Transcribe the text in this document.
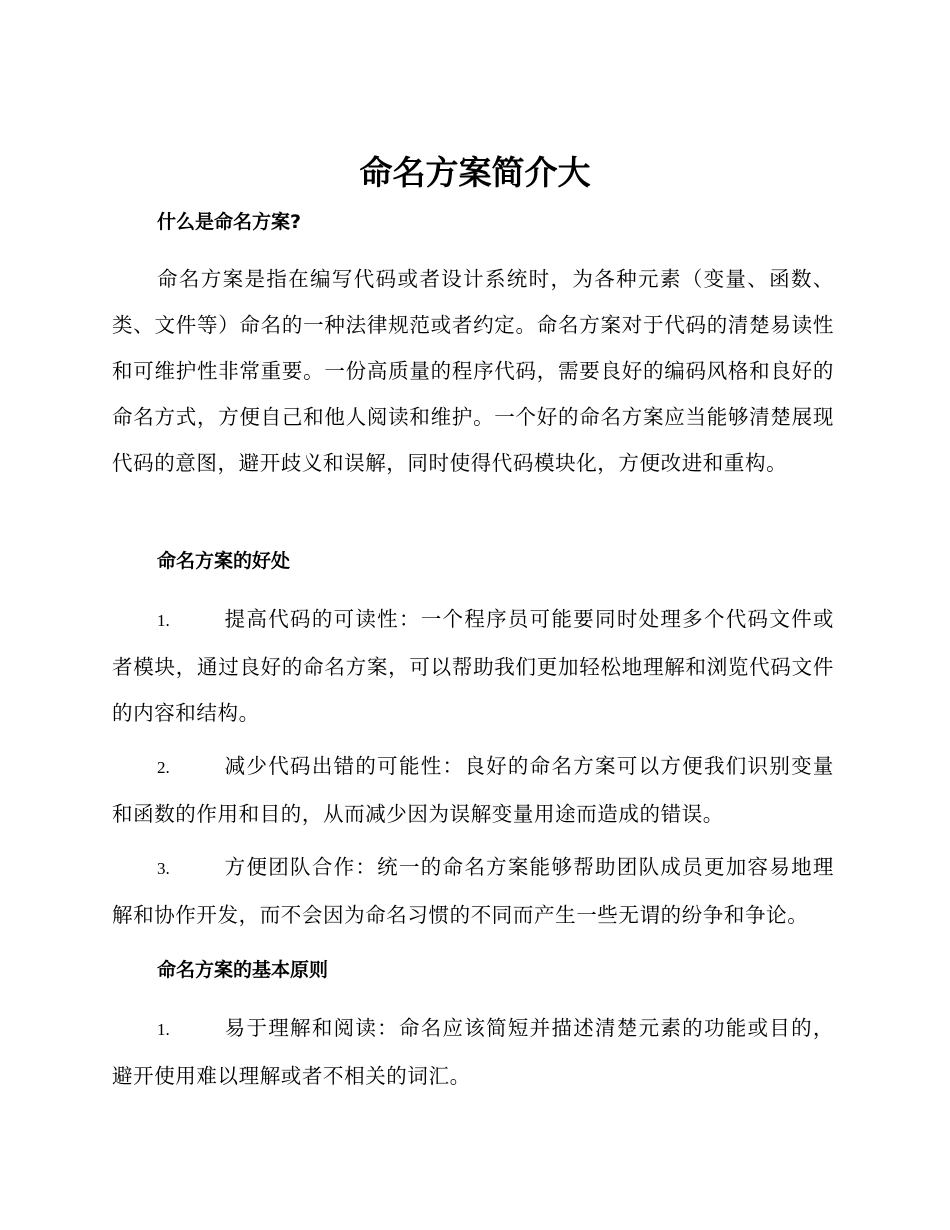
命名方案简介大
什么是命名方案?

命名方案是指在编写代码或者设计系统时，为各种元素（变量、函数、类、文件等）命名的一种法律规范或者约定。命名方案对于代码的清楚易读性和可维护性非常重要。一份高质量的程序代码，需要良好的编码风格和良好的命名方式，方便自己和他人阅读和维护。一个好的命名方案应当能够清楚展现代码的意图，避开歧义和误解，同时使得代码模块化，方便改进和重构。

命名方案的好处

1.	提高代码的可读性：一个程序员可能要同时处理多个代码文件或者模块，通过良好的命名方案，可以帮助我们更加轻松地理解和浏览代码文件的内容和结构。

2.	减少代码出错的可能性：良好的命名方案可以方便我们识别变量和函数的作用和目的，从而减少因为误解变量用途而造成的错误。

3.	方便团队合作：统一的命名方案能够帮助团队成员更加容易地理解和协作开发，而不会因为命名习惯的不同而产生一些无谓的纷争和争论。

命名方案的基本原则

1.	易于理解和阅读：命名应该简短并描述清楚元素的功能或目的，避开使用难以理解或者不相关的词汇。
